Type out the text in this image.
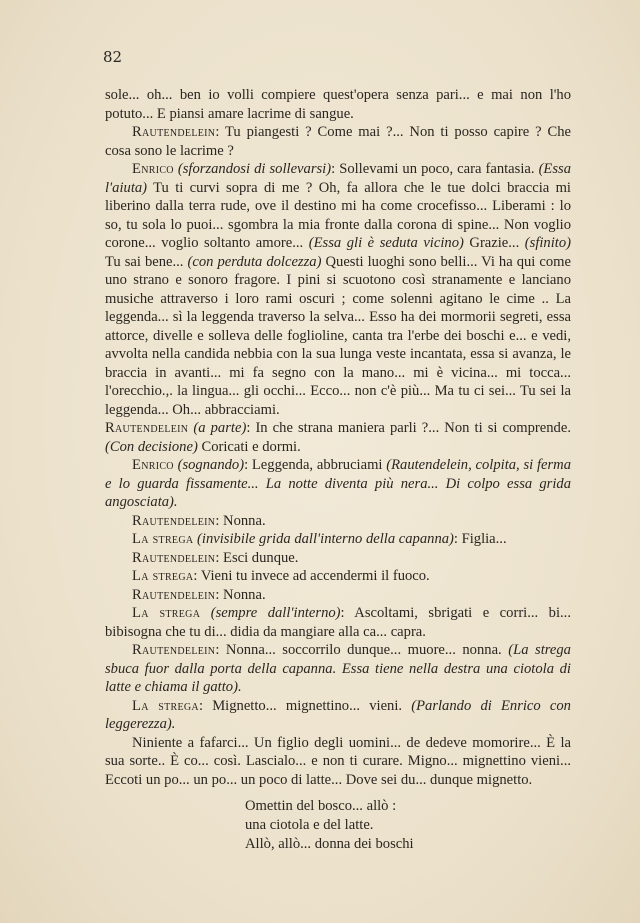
82

sole... oh... ben io volli compiere quest'opera senza pari... e mai non l'ho potuto... E piansi amare lacrime di sangue.

Rautendelein: Tu piangesti ? Come mai ?... Non ti posso capire ? Che cosa sono le lacrime ?

Enrico (sforzandosi di sollevarsi): Sollevami un poco, cara fantasia. (Essa l'aiuta) Tu ti curvi sopra di me ? Oh, fa allora che le tue dolci braccia mi liberino dalla terra rude, ove il destino mi ha come crocefisso... Liberami : lo so, tu sola lo puoi... sgombra la mia fronte dalla corona di spine... Non voglio corone... voglio soltanto amore... (Essa gli è seduta vicino) Grazie... (sfinito) Tu sai bene... (con perduta dolcezza) Questi luoghi sono belli... Vi ha qui come uno strano e sonoro fragore. I pini si scuotono così stranamente e lanciano musiche attraverso i loro rami oscuri ; come solenni agitano le cime .. La leggenda... sì la leggenda traverso la selva... Esso ha dei mormorii segreti, essa attorce, divelle e solleva delle foglioline, canta tra l'erbe dei boschi e... e vedi, avvolta nella candida nebbia con la sua lunga veste incantata, essa si avanza, le braccia in avanti... mi fa segno con la mano... mi è vicina... mi tocca... l'orecchio.,. la lingua... gli occhi... Ecco... non c'è più... Ma tu ci sei... Tu sei la leggenda... Oh... abbracciami.

Rautendelein (a parte): In che strana maniera parli ?... Non ti si comprende. (Con decisione) Coricati e dormi.

Enrico (sognando): Leggenda, abbruciami (Rautendelein, colpita, si ferma e lo guarda fissamente... La notte diventa più nera... Di colpo essa grida angosciata).

Rautendelein: Nonna.

La strega (invisibile grida dall'interno della capanna): Figlia...

Rautendelein: Esci dunque.

La strega: Vieni tu invece ad accendermi il fuoco.

Rautendelein: Nonna.

La strega (sempre dall'interno): Ascoltami, sbrigati e corri... bi... bibisogna che tu di... didia da mangiare alla ca... capra.

Rautendelein: Nonna... soccorrilo dunque... muore... nonna. (La strega sbuca fuor dalla porta della capanna. Essa tiene nella destra una ciotola di latte e chiama il gatto).

La strega: Mignetto... mignettino... vieni. (Parlando di Enrico con leggerezza).

Niniente a fafarci... Un figlio degli uomini... de dedeve momorire... È la sua sorte.. È co... così. Lascialo... e non ti curare. Migno... mignettino vieni... Eccoti un po... un po... un poco di latte... Dove sei du... dunque mignetto.

Omettin del bosco... allò :
una ciotola e del latte.
Allò, allò... donna dei boschi
